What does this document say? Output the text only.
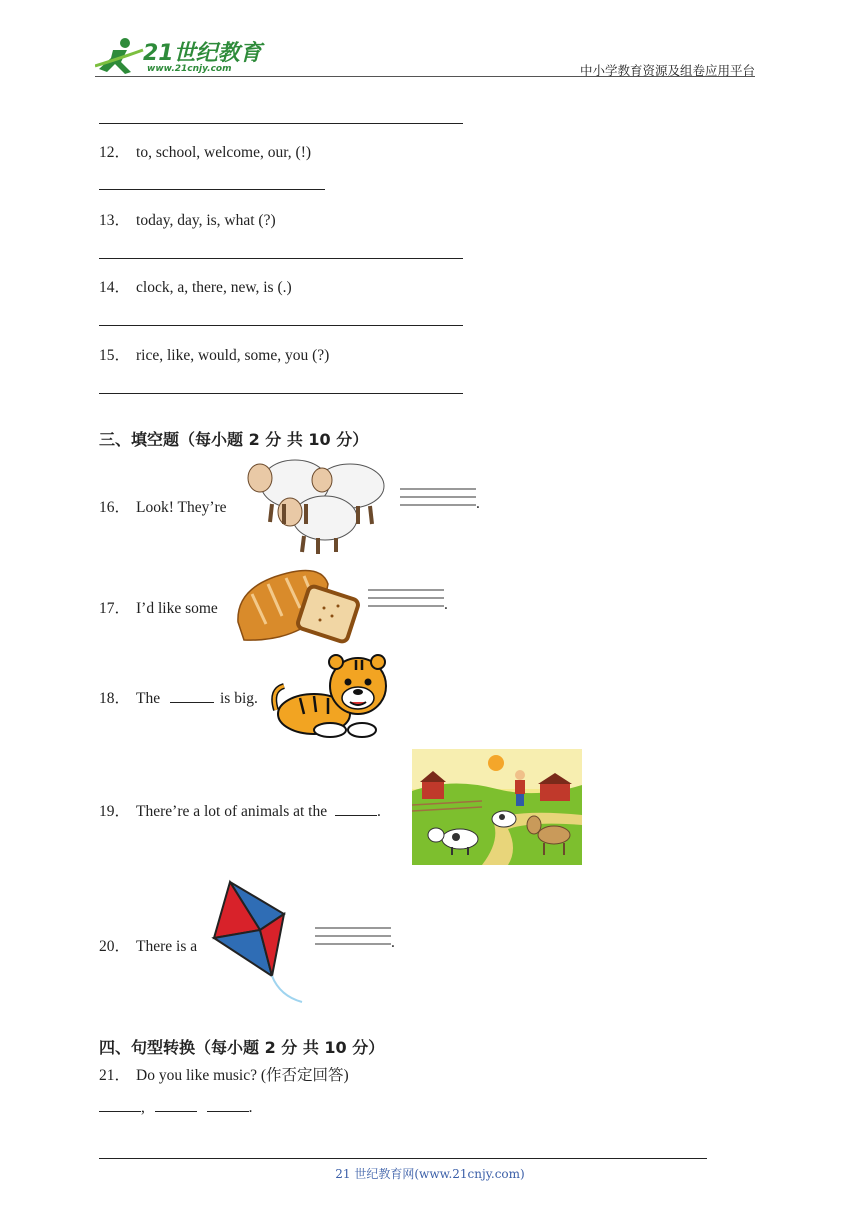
21世纪教育
www.21cnjy.com	中小学教育资源及组卷应用平台
12． to, school, welcome, our, (!)
13． today, day, is, what (?)
14． clock, a, there, new, is (.)
15． rice, like, would, some, you (?)
三、填空题（每小题 2 分 共 10 分）
16． Look! They’re	.
17． I’d like some	.
18． The	is big.
19． There’re a lot of animals at the	.
20． There is a	.
四、句型转换（每小题 2 分 共 10 分）
21． Do you like music? (作否定回答)
,	.
21 世纪教育网(www.21cnjy.com)
